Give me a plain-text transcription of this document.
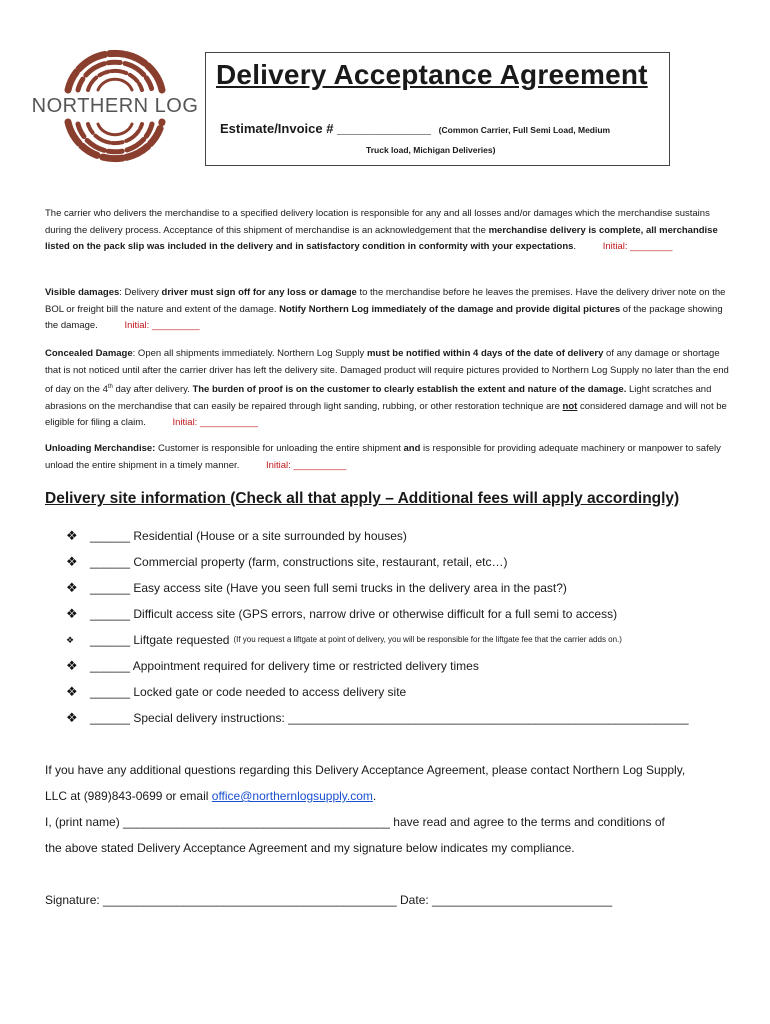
NORTHERN LOG
Delivery Acceptance Agreement
Estimate/Invoice # _____________ (Common Carrier, Full Semi Load, Medium
Truck load, Michigan Deliveries)
The carrier who delivers the merchandise to a specified delivery location is responsible for any and all losses and/or damages which the merchandise sustains during the delivery process. Acceptance of this shipment of merchandise is an acknowledgement that the merchandise delivery is complete, all merchandise listed on the pack slip was included in the delivery and in satisfactory condition in conformity with your expectations.	Initial: ________
Visible damages: Delivery driver must sign off for any loss or damage to the merchandise before he leaves the premises. Have the delivery driver note on the BOL or freight bill the nature and extent of the damage. Notify Northern Log immediately of the damage and provide digital pictures of the package showing the damage.	Initial: _________
Concealed Damage: Open all shipments immediately. Northern Log Supply must be notified within 4 days of the date of delivery of any damage or shortage that is not noticed until after the carrier driver has left the delivery site. Damaged product will require pictures provided to Northern Log Supply no later than the end of day on the 4th day after delivery. The burden of proof is on the customer to clearly establish the extent and nature of the damage. Light scratches and abrasions on the merchandise that can easily be repaired through light sanding, rubbing, or other restoration technique are not considered damage and will not be eligible for filing a claim.	Initial: ___________
Unloading Merchandise: Customer is responsible for unloading the entire shipment and is responsible for providing adequate machinery or manpower to safely unload the entire shipment in a timely manner.	Initial: __________
Delivery site information (Check all that apply – Additional fees will apply accordingly)
❖	______ Residential (House or a site surrounded by houses)
❖	______ Commercial property (farm, constructions site, restaurant, retail, etc…)
❖	______ Easy access site (Have you seen full semi trucks in the delivery area in the past?)
❖	______ Difficult access site (GPS errors, narrow drive or otherwise difficult for a full semi to access)
❖	______ Liftgate requested (If you request a liftgate at point of delivery, you will be responsible for the liftgate fee that the carrier adds on.)
❖	______ Appointment required for delivery time or restricted delivery times
❖	______ Locked gate or code needed to access delivery site
❖	______ Special delivery instructions: ____________________________________________________________
If you have any additional questions regarding this Delivery Acceptance Agreement, please contact Northern Log Supply,
LLC at (989)843-0699 or email office@northernlogsupply.com.
I, (print name) ________________________________________ have read and agree to the terms and conditions of
the above stated Delivery Acceptance Agreement and my signature below indicates my compliance.
Signature: ____________________________________________ Date: ___________________________
